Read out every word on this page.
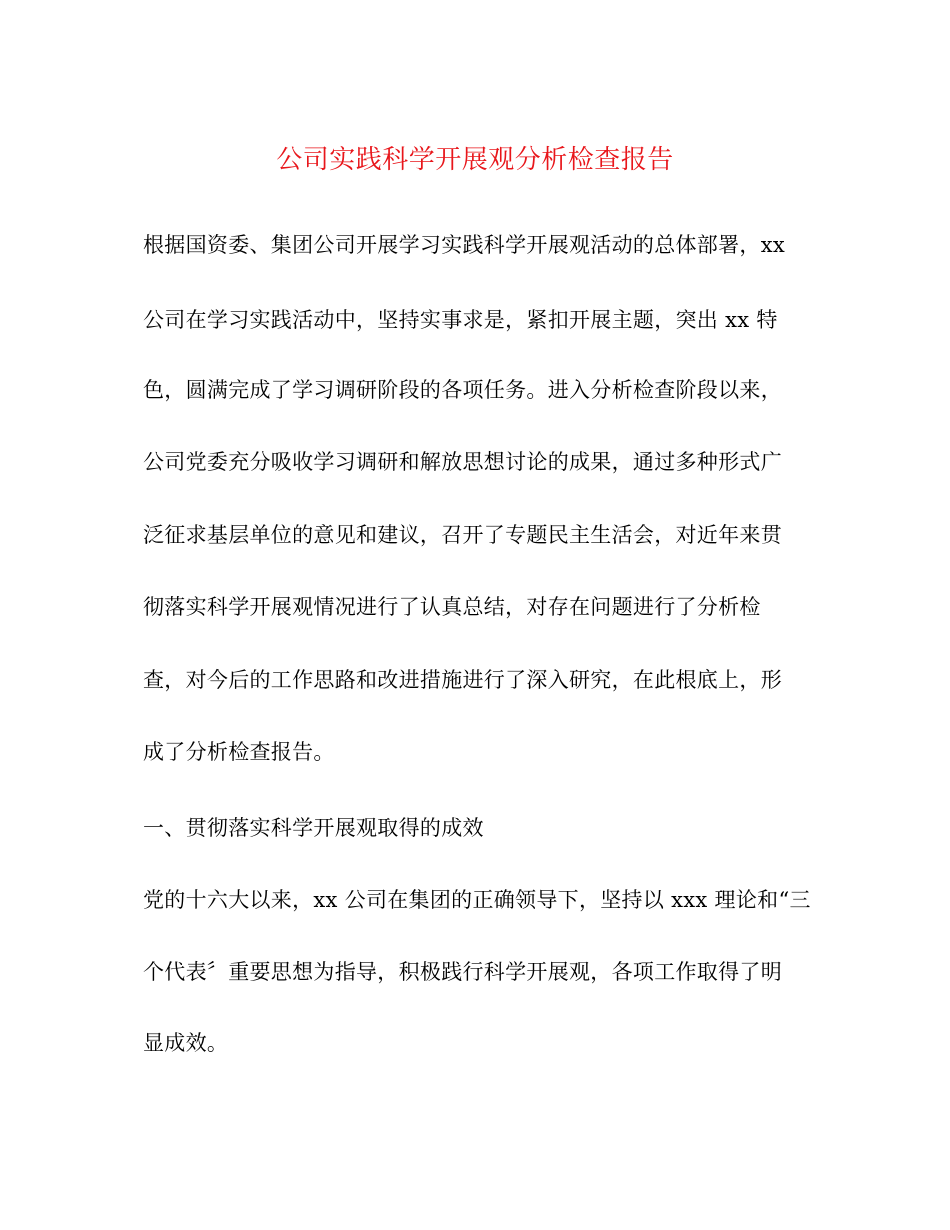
公司实践科学开展观分析检查报告
根据国资委、集团公司开展学习实践科学开展观活动的总体部署，xx
公司在学习实践活动中，坚持实事求是，紧扣开展主题，突出 xx 特
色，圆满完成了学习调研阶段的各项任务。进入分析检查阶段以来，
公司党委充分吸收学习调研和解放思想讨论的成果，通过多种形式广
泛征求基层单位的意见和建议，召开了专题民主生活会，对近年来贯
彻落实科学开展观情况进行了认真总结，对存在问题进行了分析检
查，对今后的工作思路和改进措施进行了深入研究，在此根底上，形
成了分析检查报告。
一、贯彻落实科学开展观取得的成效
党的十六大以来，xx 公司在集团的正确领导下，坚持以 xxx 理论和“三
个代表〞重要思想为指导，积极践行科学开展观，各项工作取得了明
显成效。
